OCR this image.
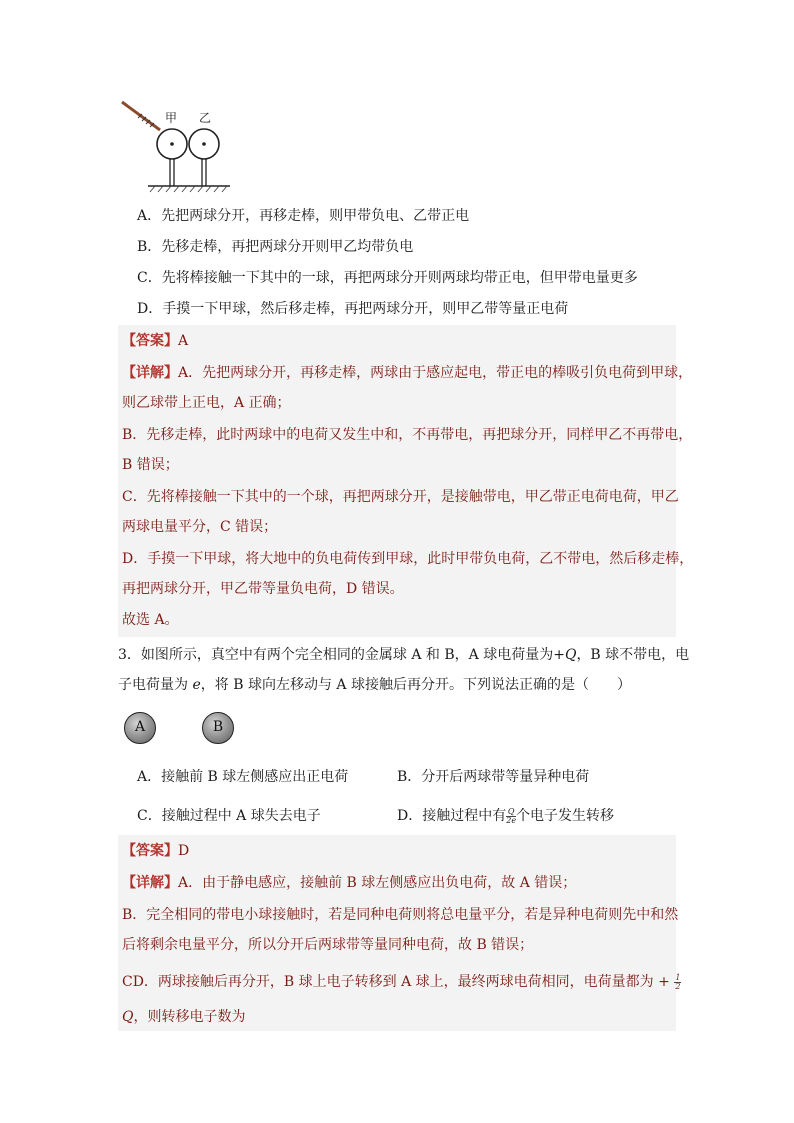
甲 乙
A．先把两球分开，再移走棒，则甲带负电、乙带正电
B．先移走棒，再把两球分开则甲乙均带负电
C．先将棒接触一下其中的一球，再把两球分开则两球均带正电，但甲带电量更多
D．手摸一下甲球，然后移走棒，再把两球分开，则甲乙带等量正电荷
【答案】A
【详解】A．先把两球分开，再移走棒，两球由于感应起电，带正电的棒吸引负电荷到甲球，
则乙球带上正电，A 正确；
B．先移走棒，此时两球中的电荷又发生中和，不再带电，再把球分开，同样甲乙不再带电，
B 错误；
C．先将棒接触一下其中的一个球，再把两球分开，是接触带电，甲乙带正电荷电荷，甲乙
两球电量平分，C 错误；
D．手摸一下甲球，将大地中的负电荷传到甲球，此时甲带负电荷，乙不带电，然后移走棒，
再把两球分开，甲乙带等量负电荷，D 错误。
故选 A。
3．如图所示，真空中有两个完全相同的金属球 A 和 B，A 球电荷量为+Q，B 球不带电，电
子电荷量为 e，将 B 球向左移动与 A 球接触后再分开。下列说法正确的是（　　）
A	B
A．接触前 B 球左侧感应出正电荷	B．分开后两球带等量异种电荷
C．接触过程中 A 球失去电子	D．接触过程中有 $\frac{Q}{2e}$ 个电子发生转移
【答案】D
【详解】A．由于静电感应，接触前 B 球左侧感应出负电荷，故 A 错误；
B．完全相同的带电小球接触时，若是同种电荷则将总电量平分，若是异种电荷则先中和然
后将剩余电量平分，所以分开后两球带等量同种电荷，故 B 错误；
CD．两球接触后再分开，B 球上电子转移到 A 球上，最终两球电荷相同，电荷量都为 + $\frac{1}{2}$
Q，则转移电子数为
